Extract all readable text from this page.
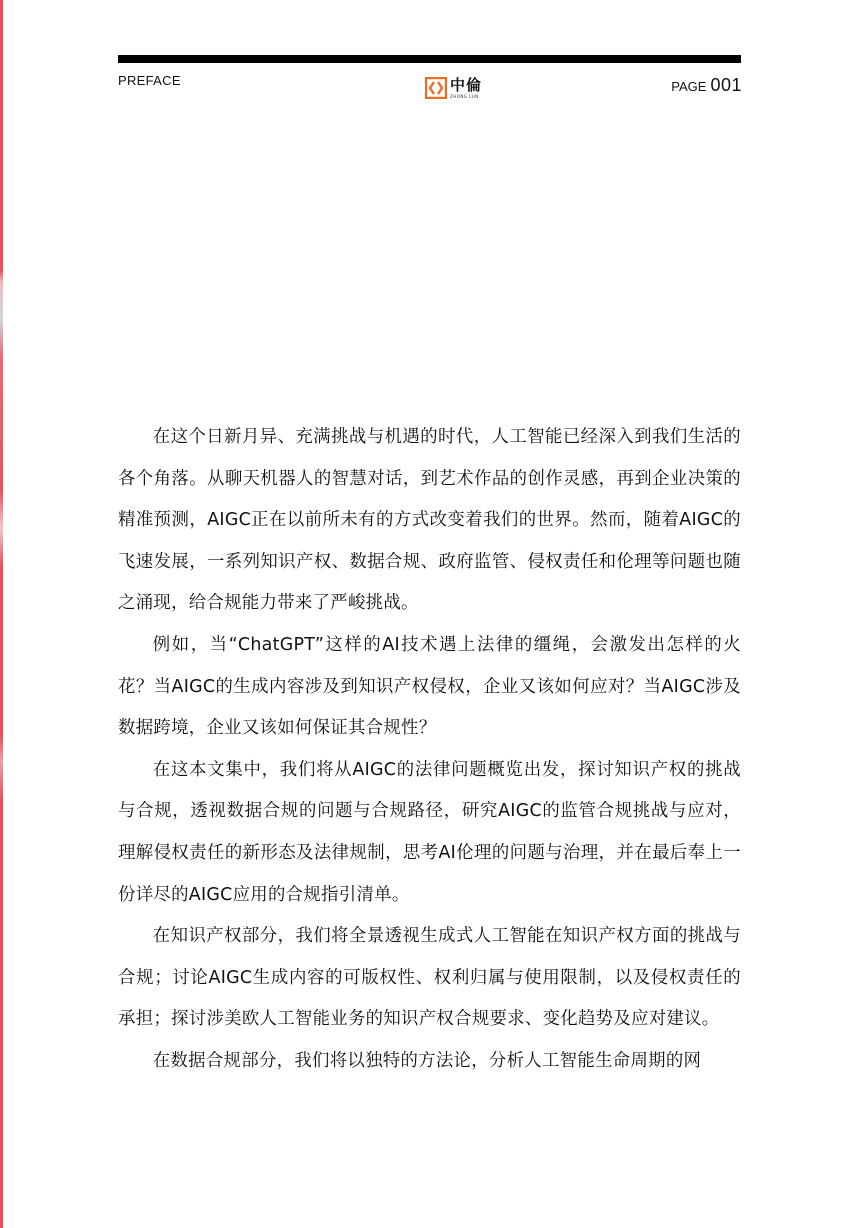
PREFACE	中倫
ZHONG LUN
PAGE 001

在这个日新月异、充满挑战与机遇的时代，人工智能已经深入到我们生活的各个角落。从聊天机器人的智慧对话，到艺术作品的创作灵感，再到企业决策的精准预测，AIGC正在以前所未有的方式改变着我们的世界。然而，随着AIGC的飞速发展，一系列知识产权、数据合规、政府监管、侵权责任和伦理等问题也随之涌现，给合规能力带来了严峻挑战。

例如，当“ChatGPT”这样的AI技术遇上法律的缰绳，会激发出怎样的火花？当AIGC的生成内容涉及到知识产权侵权，企业又该如何应对？当AIGC涉及数据跨境，企业又该如何保证其合规性？

在这本文集中，我们将从AIGC的法律问题概览出发，探讨知识产权的挑战与合规，透视数据合规的问题与合规路径，研究AIGC的监管合规挑战与应对，理解侵权责任的新形态及法律规制，思考AI伦理的问题与治理，并在最后奉上一份详尽的AIGC应用的合规指引清单。

在知识产权部分，我们将全景透视生成式人工智能在知识产权方面的挑战与合规；讨论AIGC生成内容的可版权性、权利归属与使用限制，以及侵权责任的承担；探讨涉美欧人工智能业务的知识产权合规要求、变化趋势及应对建议。

在数据合规部分，我们将以独特的方法论，分析人工智能生命周期的网
